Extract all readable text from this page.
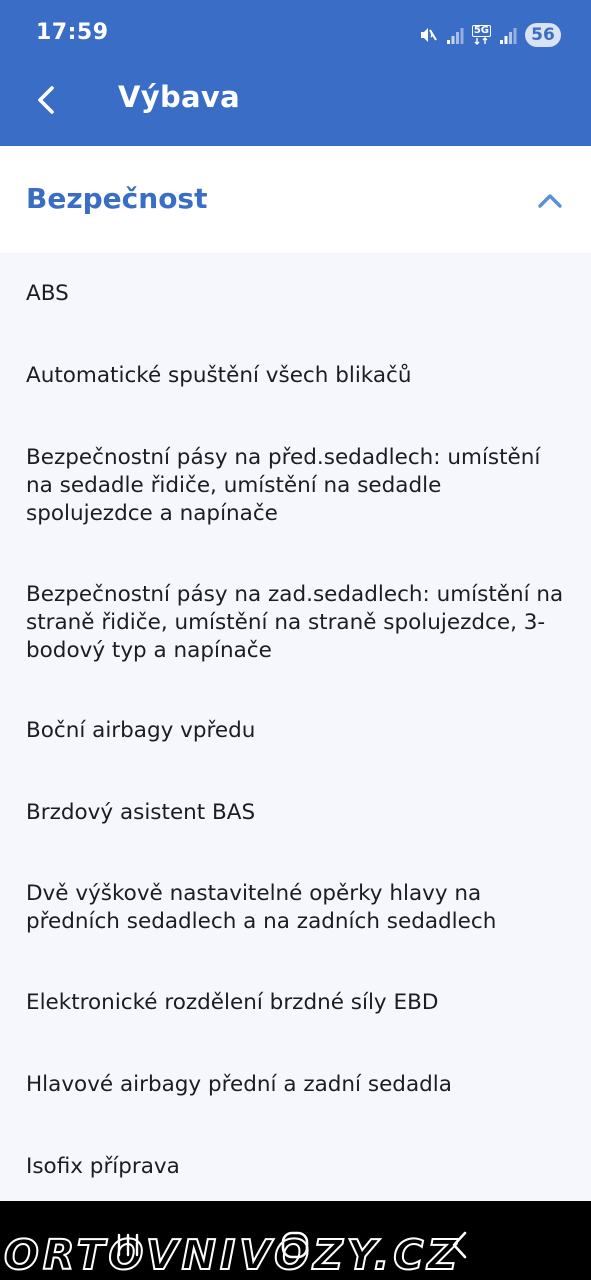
17:59	5G	56
Výbava
Bezpečnost
ABS
Automatické spuštění všech blikačů
Bezpečnostní pásy na před.sedadlech: umístění na sedadle řidiče, umístění na sedadle spolujezdce a napínače
Bezpečnostní pásy na zad.sedadlech: umístění na straně řidiče, umístění na straně spolujezdce, 3-bodový typ a napínače
Boční airbagy vpředu
Brzdový asistent BAS
Dvě výškově nastavitelné opěrky hlavy na předních sedadlech a na zadních sedadlech
Elektronické rozdělení brzdné síly EBD
Hlavové airbagy přední a zadní sedadla
Isofix příprava
ORTOVNIVOZY.CZ
